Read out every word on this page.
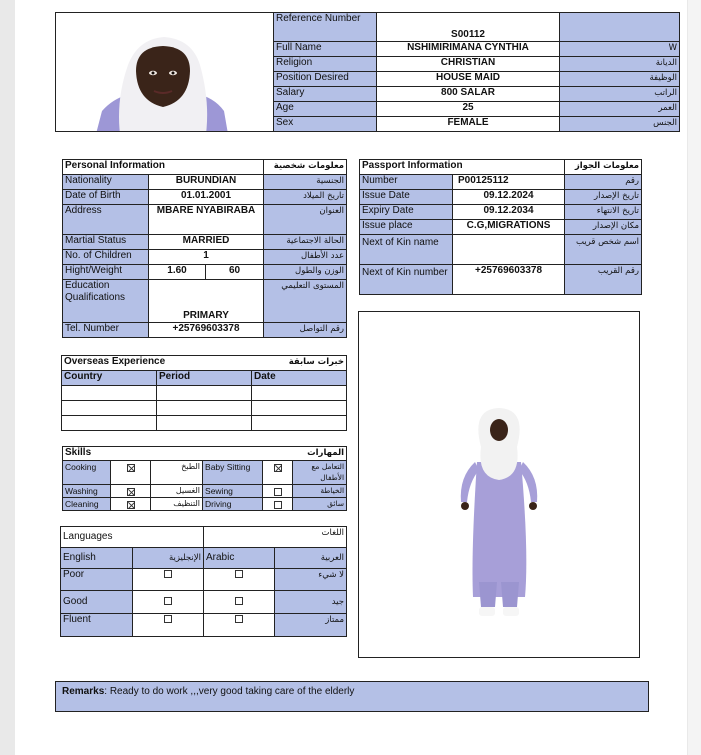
	Reference Number	S00112	
	Full Name	NSHIMIRIMANA CYNTHIA	W
	Religion	CHRISTIAN	الديانة
	Position Desired	HOUSE MAID	الوظيفة
	Salary	800 SALAR	الراتب
	Age	25	العمر
	Sex	FEMALE	الجنس
Personal Information			معلومات شخصية
Nationality	BURUNDIAN		الجنسية
Date of Birth	01.01.2001		تاريخ الميلاد
Address	MBARE NYABIRABA		العنوان
Martial Status	MARRIED		الحالة الاجتماعية
No. of Children	1		عدد الأطفال
Hight/Weight	1.60	60	الوزن والطول
Education Qualifications	PRIMARY		المستوى التعليمي
Tel. Number	+25769603378		رقم التواصل
Passport Information		معلومات الجواز
Number	P00125112	رقم
Issue Date	09.12.2024	تاريخ الإصدار
Expiry Date	09.12.2034	تاريخ الانتهاء
Issue place	C.G,MIGRATIONS	مكان الإصدار
Next of Kin name		اسم شخص قريب
Next of Kin number	+25769603378	رقم القريب
Overseas Experience		خبرات سابقة
Country	Period	Date

Skills			المهارات		
Cooking		الطبخ	Baby Sitting		التعامل مع الأطفال
Washing		الغسيل	Sewing		الخياطة
Cleaning		التنظيف	Driving		سائق
Languages		اللغات	
English	الإنجليزية	Arabic	العربية
Poor			لا شيء
Good			جيد
Fluent			ممتاز
Remarks: Ready to do work ,,,very good taking care of the elderly
